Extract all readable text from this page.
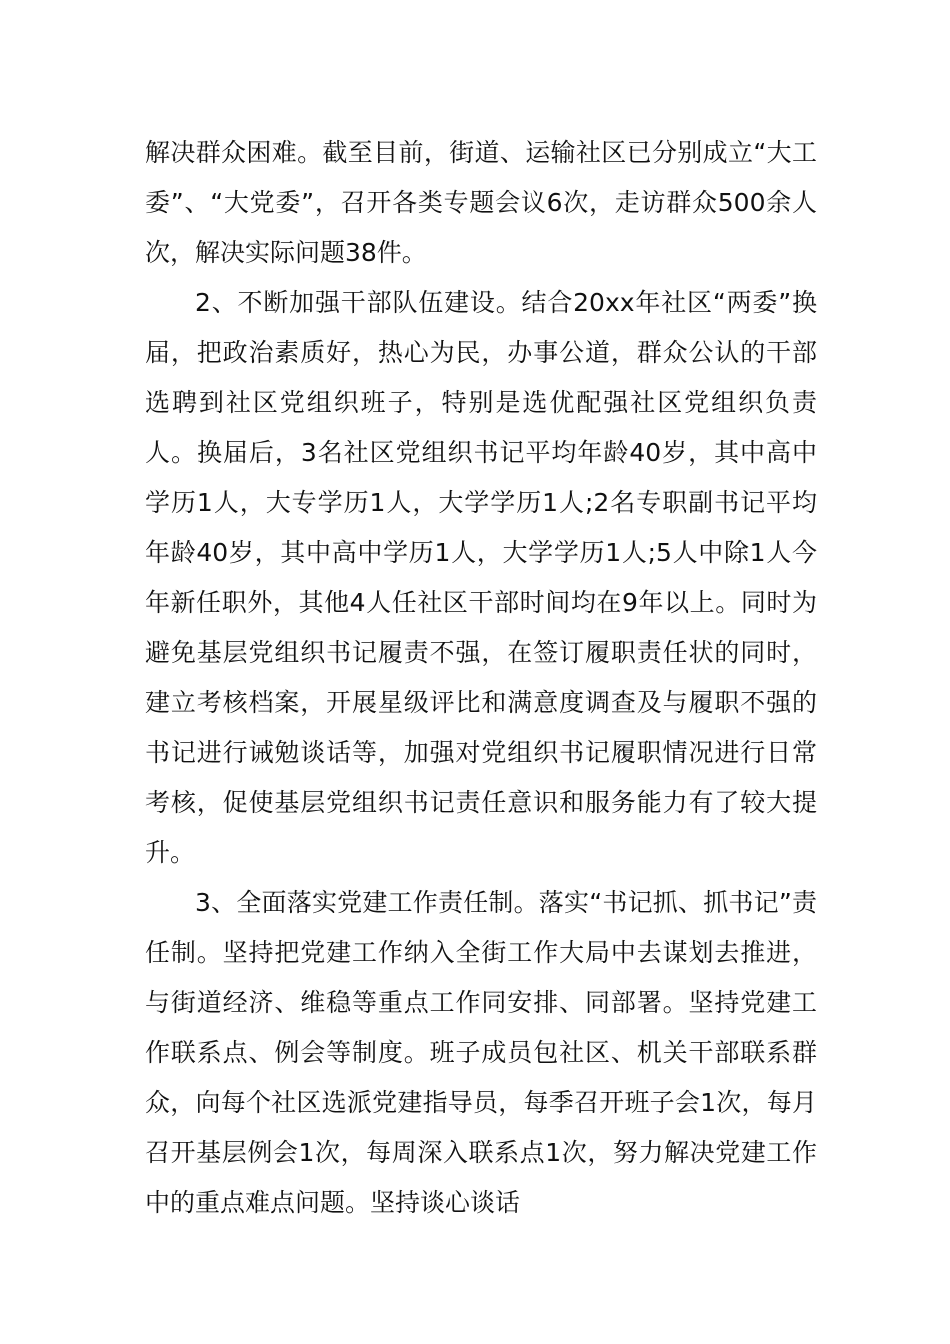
解决群众困难。截至目前，街道、运输社区已分别成立“大工委”、“大党委”，召开各类专题会议6次，走访群众500余人次，解决实际问题38件。

2、不断加强干部队伍建设。结合20xx年社区“两委”换届，把政治素质好，热心为民，办事公道，群众公认的干部选聘到社区党组织班子，特别是选优配强社区党组织负责人。换届后，3名社区党组织书记平均年龄40岁，其中高中学历1人，大专学历1人，大学学历1人;2名专职副书记平均年龄40岁，其中高中学历1人，大学学历1人;5人中除1人今年新任职外，其他4人任社区干部时间均在9年以上。同时为避免基层党组织书记履责不强，在签订履职责任状的同时，建立考核档案，开展星级评比和满意度调查及与履职不强的书记进行诫勉谈话等，加强对党组织书记履职情况进行日常考核，促使基层党组织书记责任意识和服务能力有了较大提升。

3、全面落实党建工作责任制。落实“书记抓、抓书记”责任制。坚持把党建工作纳入全街工作大局中去谋划去推进，与街道经济、维稳等重点工作同安排、同部署。坚持党建工作联系点、例会等制度。班子成员包社区、机关干部联系群众，向每个社区选派党建指导员，每季召开班子会1次，每月召开基层例会1次，每周深入联系点1次，努力解决党建工作中的重点难点问题。坚持谈心谈话
